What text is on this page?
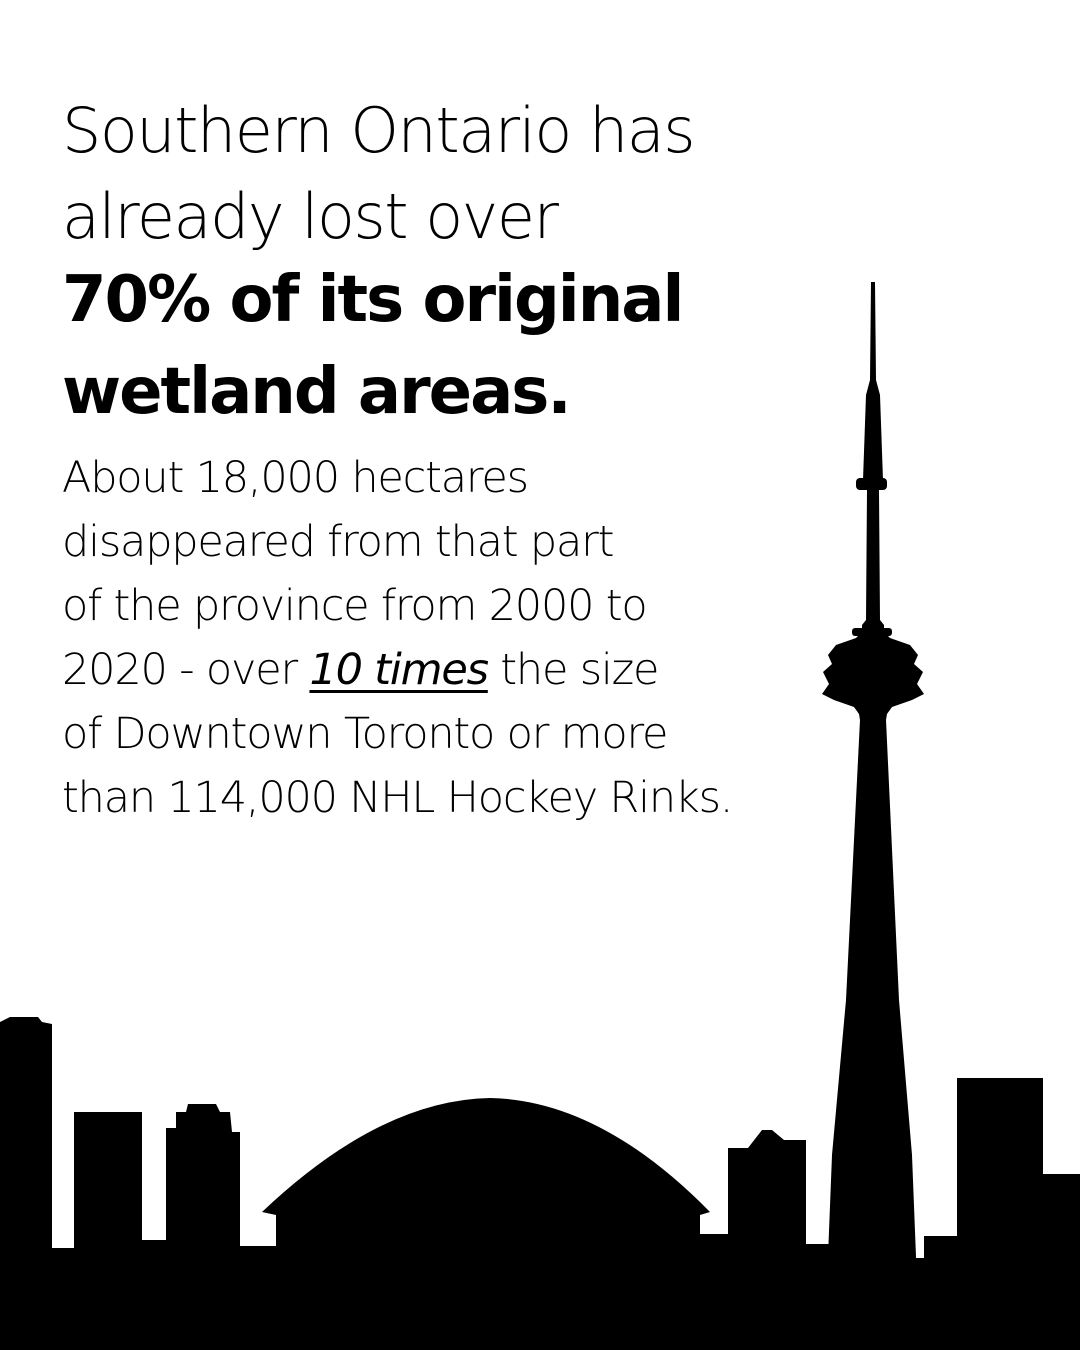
Southern Ontario has
already lost over
70% of its original
wetland areas.
About 18,000 hectares
disappeared from that part
of the province from 2000 to
2020 - over 10 times the size
of Downtown Toronto or more
than 114,000 NHL Hockey Rinks.
